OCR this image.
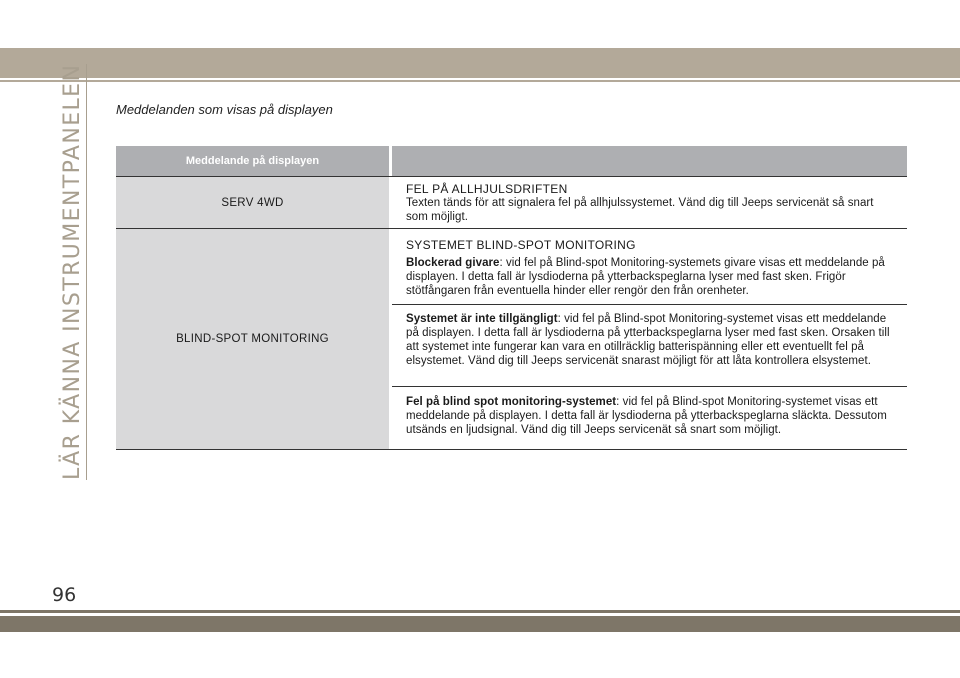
LÄR KÄNNA INSTRUMENTPANELEN
96
Meddelanden som visas på displayen
Meddelande på displayen
SERV 4WD
FEL PÅ ALLHJULSDRIFTEN
Texten tänds för att signalera fel på allhjulssystemet. Vänd dig till Jeeps servicenät så snart som möjligt.
BLIND-SPOT MONITORING
SYSTEMET BLIND-SPOT MONITORING
Blockerad givare: vid fel på Blind-spot Monitoring-systemets givare visas ett meddelande på displayen. I detta fall är lysdioderna på ytterbackspeglarna lyser med fast sken. Frigör stötfångaren från eventuella hinder eller rengör den från orenheter.
Systemet är inte tillgängligt: vid fel på Blind-spot Monitoring-systemet visas ett meddelande på displayen. I detta fall är lysdioderna på ytterbackspeglarna lyser med fast sken. Orsaken till att systemet inte fungerar kan vara en otillräcklig batterispänning eller ett eventuellt fel på elsystemet. Vänd dig till Jeeps servicenät snarast möjligt för att låta kontrollera elsystemet.
Fel på blind spot monitoring-systemet: vid fel på Blind-spot Monitoring-systemet visas ett meddelande på displayen. I detta fall är lysdioderna på ytterbackspeglarna släckta. Dessutom utsänds en ljudsignal. Vänd dig till Jeeps servicenät så snart som möjligt.
